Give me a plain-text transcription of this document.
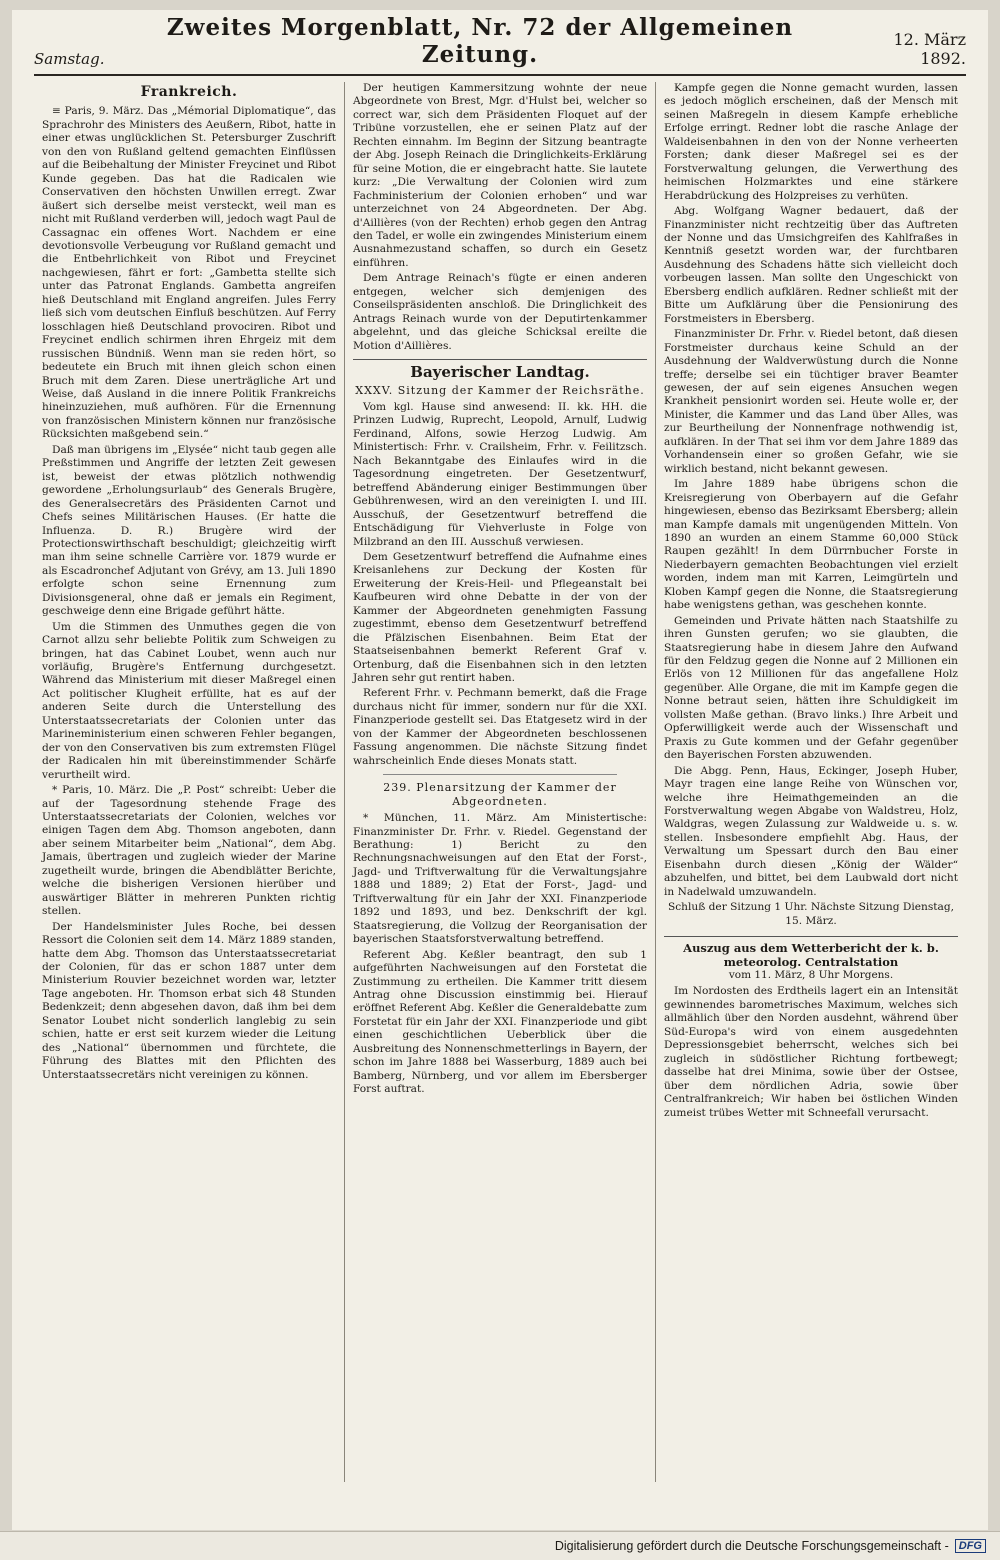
Samstag.
Zweites Morgenblatt, Nr. 72 der Allgemeinen Zeitung.
12. März 1892.
Frankreich.

≡ Paris, 9. März. Das „Mémorial Diplomatique“, das Sprachrohr des Ministers des Aeußern, Ribot, hatte in einer etwas unglücklichen St. Petersburger Zuschrift von den von Rußland geltend gemachten Einflüssen auf die Beibehaltung der Minister Freycinet und Ribot Kunde gegeben. Das hat die Radicalen wie Conservativen den höchsten Unwillen erregt. Zwar äußert sich derselbe meist versteckt, weil man es nicht mit Rußland verderben will, jedoch wagt Paul de Cassagnac ein offenes Wort. Nachdem er eine devotionsvolle Verbeugung vor Rußland gemacht und die Entbehrlichkeit von Ribot und Freycinet nachgewiesen, fährt er fort: „Gambetta stellte sich unter das Patronat Englands. Gambetta angreifen hieß Deutschland mit England angreifen. Jules Ferry ließ sich vom deutschen Einfluß beschützen. Auf Ferry losschlagen hieß Deutschland provociren. Ribot und Freycinet endlich schirmen ihren Ehrgeiz mit dem russischen Bündniß. Wenn man sie reden hört, so bedeutete ein Bruch mit ihnen gleich schon einen Bruch mit dem Zaren. Diese unerträgliche Art und Weise, daß Ausland in die innere Politik Frankreichs hineinzuziehen, muß aufhören. Für die Ernennung von französischen Ministern können nur französische Rücksichten maßgebend sein.“

Daß man übrigens im „Elysée“ nicht taub gegen alle Preßstimmen und Angriffe der letzten Zeit gewesen ist, beweist der etwas plötzlich nothwendig gewordene „Erholungsurlaub“ des Generals Brugère, des Generalsecretärs des Präsidenten Carnot und Chefs seines Militärischen Hauses. (Er hatte die Influenza. D. R.) Brugère wird der Protectionswirthschaft beschuldigt; gleichzeitig wirft man ihm seine schnelle Carrière vor. 1879 wurde er als Escadronchef Adjutant von Grévy, am 13. Juli 1890 erfolgte schon seine Ernennung zum Divisionsgeneral, ohne daß er jemals ein Regiment, geschweige denn eine Brigade geführt hätte.

Um die Stimmen des Unmuthes gegen die von Carnot allzu sehr beliebte Politik zum Schweigen zu bringen, hat das Cabinet Loubet, wenn auch nur vorläufig, Brugère's Entfernung durchgesetzt. Während das Ministerium mit dieser Maßregel einen Act politischer Klugheit erfüllte, hat es auf der anderen Seite durch die Unterstellung des Unterstaatssecretariats der Colonien unter das Marineministerium einen schweren Fehler begangen, der von den Conservativen bis zum extremsten Flügel der Radicalen hin mit übereinstimmender Schärfe verurtheilt wird.

* Paris, 10. März. Die „P. Post“ schreibt: Ueber die auf der Tagesordnung stehende Frage des Unterstaatssecretariats der Colonien, welches vor einigen Tagen dem Abg. Thomson angeboten, dann aber seinem Mitarbeiter beim „National“, dem Abg. Jamais, übertragen und zugleich wieder der Marine zugetheilt wurde, bringen die Abendblätter Berichte, welche die bisherigen Versionen hierüber und auswärtiger Blätter in mehreren Punkten richtig stellen.

Der Handelsminister Jules Roche, bei dessen Ressort die Colonien seit dem 14. März 1889 standen, hatte dem Abg. Thomson das Unterstaatssecretariat der Colonien, für das er schon 1887 unter dem Ministerium Rouvier bezeichnet worden war, letzter Tage angeboten. Hr. Thomson erbat sich 48 Stunden Bedenkzeit; denn abgesehen davon, daß ihm bei dem Senator Loubet nicht sonderlich langlebig zu sein schien, hatte er erst seit kurzem wieder die Leitung des „National“ übernommen und fürchtete, die Führung des Blattes mit den Pflichten des Unterstaatssecretärs nicht vereinigen zu können.

Der heutigen Kammersitzung wohnte der neue Abgeordnete von Brest, Mgr. d'Hulst bei, welcher so correct war, sich dem Präsidenten Floquet auf der Tribüne vorzustellen, ehe er seinen Platz auf der Rechten einnahm. Im Beginn der Sitzung beantragte der Abg. Joseph Reinach die Dringlichkeits-Erklärung für seine Motion, die er eingebracht hatte. Sie lautete kurz: „Die Verwaltung der Colonien wird zum Fachministerium der Colonien erhoben“ und war unterzeichnet von 24 Abgeordneten. Der Abg. d'Aillières (von der Rechten) erhob gegen den Antrag den Tadel, er wolle ein zwingendes Ministerium einem Ausnahmezustand schaffen, so durch ein Gesetz einführen.

Dem Antrage Reinach's fügte er einen anderen entgegen, welcher sich demjenigen des Conseilspräsidenten anschloß. Die Dringlichkeit des Antrags Reinach wurde von der Deputirtenkammer abgelehnt, und das gleiche Schicksal ereilte die Motion d'Aillières.

Bayerischer Landtag.
XXXV. Sitzung der Kammer der Reichsräthe.

Vom kgl. Hause sind anwesend: II. kk. HH. die Prinzen Ludwig, Ruprecht, Leopold, Arnulf, Ludwig Ferdinand, Alfons, sowie Herzog Ludwig. Am Ministertisch: Frhr. v. Crailsheim, Frhr. v. Feilitzsch. Nach Bekanntgabe des Einlaufes wird in die Tagesordnung eingetreten. Der Gesetzentwurf, betreffend Abänderung einiger Bestimmungen über Gebührenwesen, wird an den vereinigten I. und III. Ausschuß, der Gesetzentwurf betreffend die Entschädigung für Viehverluste in Folge von Milzbrand an den III. Ausschuß verwiesen.

Dem Gesetzentwurf betreffend die Aufnahme eines Kreisanlehens zur Deckung der Kosten für Erweiterung der Kreis-Heil- und Pflegeanstalt bei Kaufbeuren wird ohne Debatte in der von der Kammer der Abgeordneten genehmigten Fassung zugestimmt, ebenso dem Gesetzentwurf betreffend die Pfälzischen Eisenbahnen. Beim Etat der Staatseisenbahnen bemerkt Referent Graf v. Ortenburg, daß die Eisenbahnen sich in den letzten Jahren sehr gut rentirt haben.

Referent Frhr. v. Pechmann bemerkt, daß die Frage durchaus nicht für immer, sondern nur für die XXI. Finanzperiode gestellt sei. Das Etatgesetz wird in der von der Kammer der Abgeordneten beschlossenen Fassung angenommen. Die nächste Sitzung findet wahrscheinlich Ende dieses Monats statt.

239. Plenarsitzung der Kammer der Abgeordneten.

* München, 11. März. Am Ministertische: Finanzminister Dr. Frhr. v. Riedel. Gegenstand der Berathung: 1) Bericht zu den Rechnungsnachweisungen auf den Etat der Forst-, Jagd- und Triftverwaltung für die Verwaltungsjahre 1888 und 1889; 2) Etat der Forst-, Jagd- und Triftverwaltung für ein Jahr der XXI. Finanzperiode 1892 und 1893, und bez. Denkschrift der kgl. Staatsregierung, die Vollzug der Reorganisation der bayerischen Staatsforstverwaltung betreffend.

Referent Abg. Keßler beantragt, den sub 1 aufgeführten Nachweisungen auf den Forstetat die Zustimmung zu ertheilen. Die Kammer tritt diesem Antrag ohne Discussion einstimmig bei. Hierauf eröffnet Referent Abg. Keßler die Generaldebatte zum Forstetat für ein Jahr der XXI. Finanzperiode und gibt einen geschichtlichen Ueberblick über die Ausbreitung des Nonnenschmetterlings in Bayern, der schon im Jahre 1888 bei Wasserburg, 1889 auch bei Bamberg, Nürnberg, und vor allem im Ebersberger Forst auftrat.

Kampfe gegen die Nonne gemacht wurden, lassen es jedoch möglich erscheinen, daß der Mensch mit seinen Maßregeln in diesem Kampfe erhebliche Erfolge erringt. Redner lobt die rasche Anlage der Waldeisenbahnen in den von der Nonne verheerten Forsten; dank dieser Maßregel sei es der Forstverwaltung gelungen, die Verwerthung des heimischen Holzmarktes und eine stärkere Herabdrückung des Holzpreises zu verhüten.

Abg. Wolfgang Wagner bedauert, daß der Finanzminister nicht rechtzeitig über das Auftreten der Nonne und das Umsichgreifen des Kahlfraßes in Kenntniß gesetzt worden war, der furchtbaren Ausdehnung des Schadens hätte sich vielleicht doch vorbeugen lassen. Man sollte den Ungeschickt von Ebersberg endlich aufklären. Redner schließt mit der Bitte um Aufklärung über die Pensionirung des Forstmeisters in Ebersberg.

Finanzminister Dr. Frhr. v. Riedel betont, daß diesen Forstmeister durchaus keine Schuld an der Ausdehnung der Waldverwüstung durch die Nonne treffe; derselbe sei ein tüchtiger braver Beamter gewesen, der auf sein eigenes Ansuchen wegen Krankheit pensionirt worden sei. Heute wolle er, der Minister, die Kammer und das Land über Alles, was zur Beurtheilung der Nonnenfrage nothwendig ist, aufklären. In der That sei ihm vor dem Jahre 1889 das Vorhandensein einer so großen Gefahr, wie sie wirklich bestand, nicht bekannt gewesen.

Im Jahre 1889 habe übrigens schon die Kreisregierung von Oberbayern auf die Gefahr hingewiesen, ebenso das Bezirksamt Ebersberg; allein man Kampfe damals mit ungenügenden Mitteln. Von 1890 an wurden an einem Stamme 60,000 Stück Raupen gezählt! In dem Dürrnbucher Forste in Niederbayern gemachten Beobachtungen viel erzielt worden, indem man mit Karren, Leimgürteln und Kloben Kampf gegen die Nonne, die Staatsregierung habe wenigstens gethan, was geschehen konnte.

Gemeinden und Private hätten nach Staatshilfe zu ihren Gunsten gerufen; wo sie glaubten, die Staatsregierung habe in diesem Jahre den Aufwand für den Feldzug gegen die Nonne auf 2 Millionen ein Erlös von 12 Millionen für das angefallene Holz gegenüber. Alle Organe, die mit im Kampfe gegen die Nonne betraut seien, hätten ihre Schuldigkeit im vollsten Maße gethan. (Bravo links.) Ihre Arbeit und Opferwilligkeit werde auch der Wissenschaft und Praxis zu Gute kommen und der Gefahr gegenüber den Bayerischen Forsten abzuwenden.

Die Abgg. Penn, Haus, Eckinger, Joseph Huber, Mayr tragen eine lange Reihe von Wünschen vor, welche ihre Heimathgemeinden an die Forstverwaltung wegen Abgabe von Waldstreu, Holz, Waldgras, wegen Zulassung zur Waldweide u. s. w. stellen. Insbesondere empfiehlt Abg. Haus, der Verwaltung um Spessart durch den Bau einer Eisenbahn durch diesen „König der Wälder“ abzuhelfen, und bittet, bei dem Laubwald dort nicht in Nadelwald umzuwandeln.

Schluß der Sitzung 1 Uhr. Nächste Sitzung Dienstag, 15. März.

Auszug aus dem Wetterbericht der k. b. meteorolog. Centralstation
vom 11. März, 8 Uhr Morgens.

Im Nordosten des Erdtheils lagert ein an Intensität gewinnendes barometrisches Maximum, welches sich allmählich über den Norden ausdehnt, während über Süd-Europa's wird von einem ausgedehnten Depressionsgebiet beherrscht, welches sich bei zugleich in südöstlicher Richtung fortbewegt; dasselbe hat drei Minima, sowie über der Ostsee, über dem nördlichen Adria, sowie über Centralfrankreich; Wir haben bei östlichen Winden zumeist trübes Wetter mit Schneefall verursacht.

Digitalisierung gefördert durch die Deutsche Forschungsgemeinschaft - DFG
